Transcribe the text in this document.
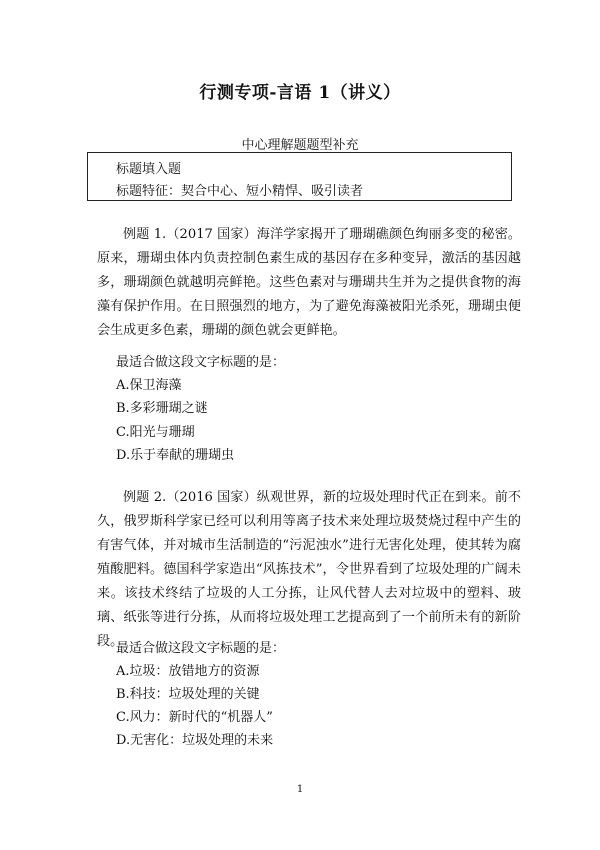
行测专项-言语 1（讲义）
中心理解题题型补充
标题填入题
标题特征：契合中心、短小精悍、吸引读者

例题 1.（2017 国家）海洋学家揭开了珊瑚礁颜色绚丽多变的秘密。原来，珊瑚虫体内负责控制色素生成的基因存在多种变异，激活的基因越多，珊瑚颜色就越明亮鲜艳。这些色素对与珊瑚共生并为之提供食物的海藻有保护作用。在日照强烈的地方，为了避免海藻被阳光杀死，珊瑚虫便会生成更多色素，珊瑚的颜色就会更鲜艳。

最适合做这段文字标题的是：
A.保卫海藻
B.多彩珊瑚之谜
C.阳光与珊瑚
D.乐于奉献的珊瑚虫

例题 2.（2016 国家）纵观世界，新的垃圾处理时代正在到来。前不久，俄罗斯科学家已经可以利用等离子技术来处理垃圾焚烧过程中产生的有害气体，并对城市生活制造的“污泥浊水”进行无害化处理，使其转为腐殖酸肥料。德国科学家造出“风拣技术”，令世界看到了垃圾处理的广阔未来。该技术终结了垃圾的人工分拣，让风代替人去对垃圾中的塑料、玻璃、纸张等进行分拣，从而将垃圾处理工艺提高到了一个前所未有的新阶段。

最适合做这段文字标题的是：
A.垃圾：放错地方的资源
B.科技：垃圾处理的关键
C.风力：新时代的“机器人”
D.无害化：垃圾处理的未来
1
